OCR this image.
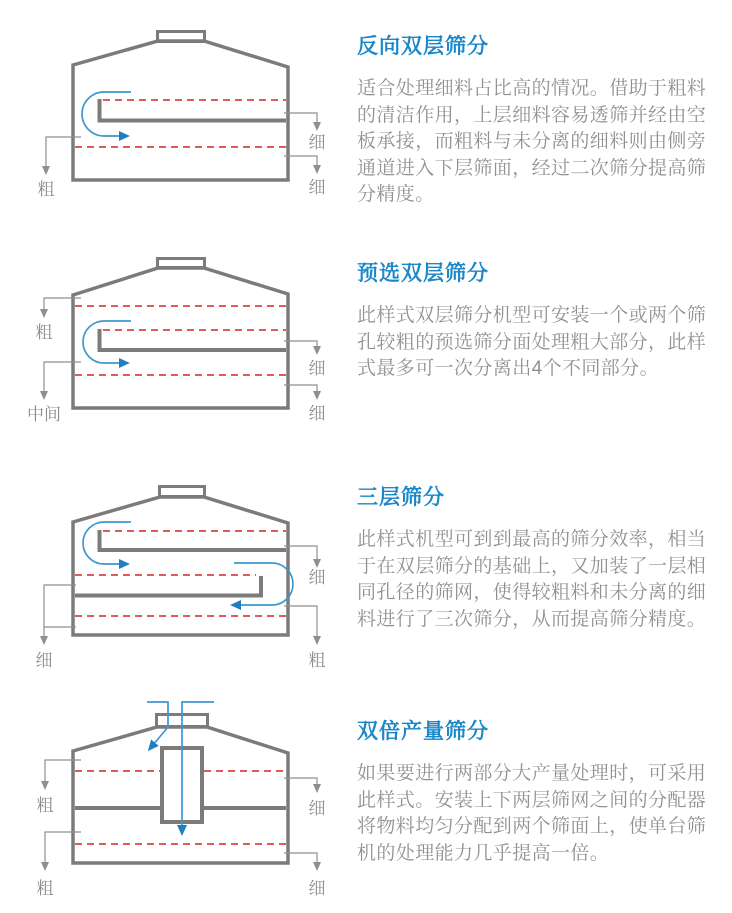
粗
细
细
粗
中间
细
细
细
细
粗
粗
粗
细
细
反向双层筛分

适合处理细料占比高的情况。借助于粗料的清洁作用，上层细料容易透筛并经由空板承接，而粗料与未分离的细料则由侧旁通道进入下层筛面，经过二次筛分提高筛分精度。

预选双层筛分

此样式双层筛分机型可安装一个或两个筛孔较粗的预选筛分面处理粗大部分，此样式最多可一次分离出4个不同部分。

三层筛分

此样式机型可到到最高的筛分效率，相当于在双层筛分的基础上，又加装了一层相同孔径的筛网，使得较粗料和未分离的细料进行了三次筛分，从而提高筛分精度。

双倍产量筛分

如果要进行两部分大产量处理时，可采用此样式。安装上下两层筛网之间的分配器将物料均匀分配到两个筛面上，使单台筛机的处理能力几乎提高一倍。
